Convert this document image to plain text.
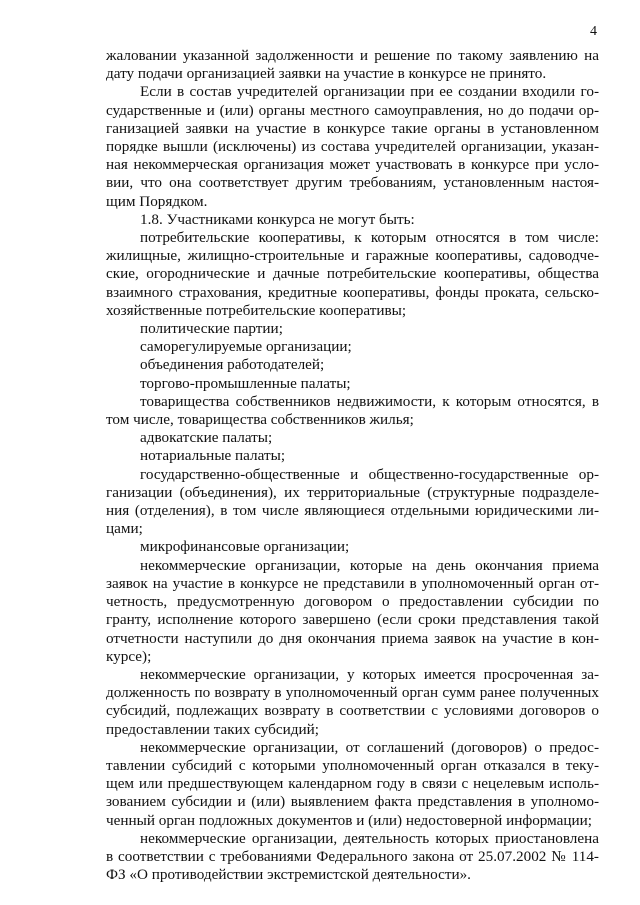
4

жаловании указанной задолженности и решение по такому заявлению на дату подачи организацией заявки на участие в конкурсе не принято.

Если в состав учредителей организации при ее создании входили государственные и (или) органы местного самоуправления, но до подачи организацией заявки на участие в конкурсе такие органы в установленном порядке вышли (исключены) из состава учредителей организации, указанная некоммерческая организация может участвовать в конкурсе при условии, что она соответствует другим требованиям, установленным настоящим Порядком.

1.8. Участниками конкурса не могут быть:

потребительские кооперативы, к которым относятся в том числе: жилищные, жилищно-строительные и гаражные кооперативы, садоводческие, огороднические и дачные потребительские кооперативы, общества взаимного страхования, кредитные кооперативы, фонды проката, сельскохозяйственные потребительские кооперативы;

политические партии;

саморегулируемые организации;

объединения работодателей;

торгово-промышленные палаты;

товарищества собственников недвижимости, к которым относятся, в том числе, товарищества собственников жилья;

адвокатские палаты;

нотариальные палаты;

государственно-общественные и общественно-государственные организации (объединения), их территориальные (структурные подразделения (отделения), в том числе являющиеся отдельными юридическими лицами;

микрофинансовые организации;

некоммерческие организации, которые на день окончания приема заявок на участие в конкурсе не представили в уполномоченный орган отчетность, предусмотренную договором о предоставлении субсидии по гранту, исполнение которого завершено (если сроки представления такой отчетности наступили до дня окончания приема заявок на участие в конкурсе);

некоммерческие организации, у которых имеется просроченная задолженность по возврату в уполномоченный орган сумм ранее полученных субсидий, подлежащих возврату в соответствии с условиями договоров о предоставлении таких субсидий;

некоммерческие организации, от соглашений (договоров) о предоставлении субсидий с которыми уполномоченный орган отказался в текущем или предшествующем календарном году в связи с нецелевым использованием субсидии и (или) выявлением факта представления в уполномоченный орган подложных документов и (или) недостоверной информации;

некоммерческие организации, деятельность которых приостановлена в соответствии с требованиями Федерального закона от 25.07.2002 № 114-ФЗ «О противодействии экстремистской деятельности».
